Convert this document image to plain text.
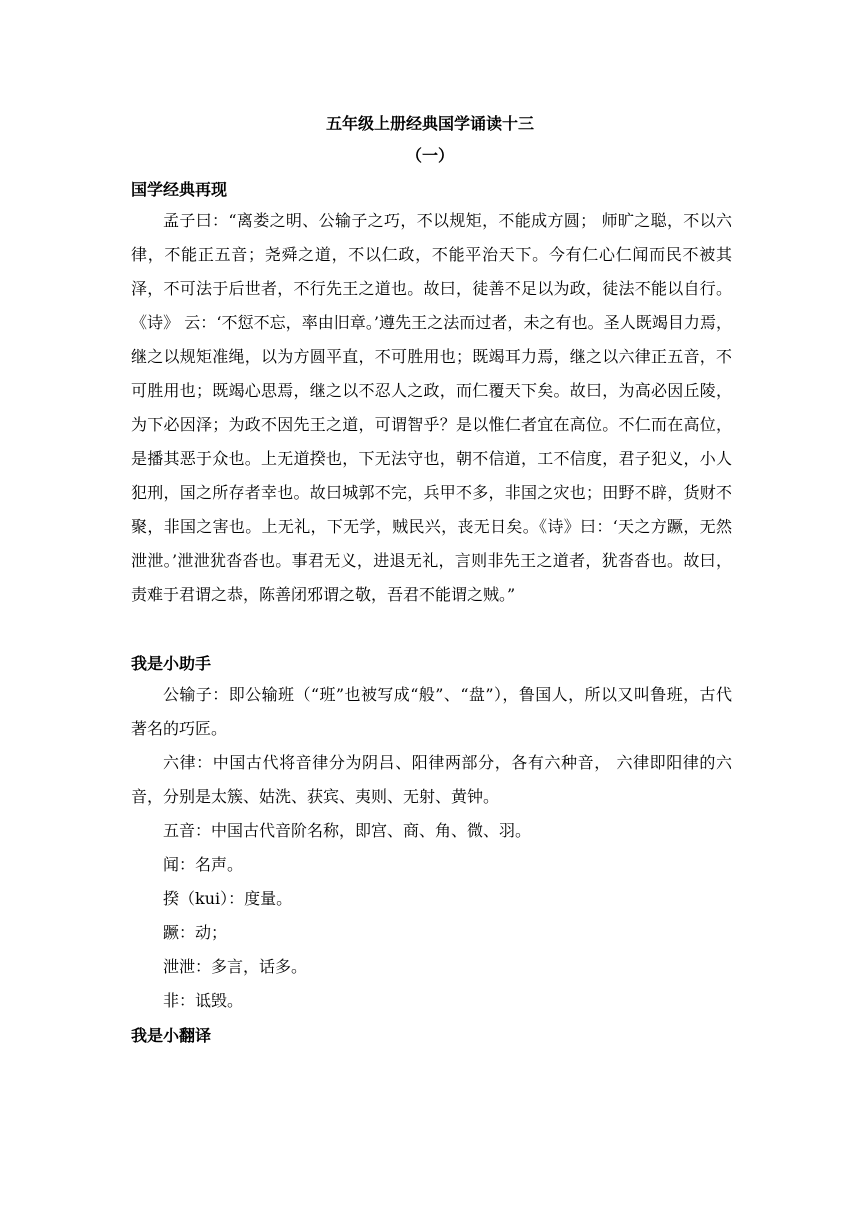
五年级上册经典国学诵读十三
（一）
国学经典再现

孟子曰：“离娄之明、公输子之巧，不以规矩，不能成方圆； 师旷之聪，不以六律，不能正五音；尧舜之道，不以仁政，不能平治天下。今有仁心仁闻而民不被其泽，不可法于后世者，不行先王之道也。故曰，徒善不足以为政，徒法不能以自行。《诗》 云：‘不愆不忘，率由旧章。’遵先王之法而过者，未之有也。圣人既竭目力焉，继之以规矩准绳，以为方圆平直，不可胜用也；既竭耳力焉，继之以六律正五音，不可胜用也；既竭心思焉，继之以不忍人之政，而仁覆天下矣。故曰，为高必因丘陵，为下必因泽；为政不因先王之道，可谓智乎？是以惟仁者宜在高位。不仁而在高位，是播其恶于众也。上无道揆也，下无法守也，朝不信道，工不信度，君子犯义，小人犯刑，国之所存者幸也。故曰城郭不完，兵甲不多，非国之灾也；田野不辟，货财不聚，非国之害也。上无礼，下无学，贼民兴，丧无日矣。《诗》曰：‘天之方蹶，无然泄泄。’泄泄犹沓沓也。事君无义，进退无礼，言则非先王之道者，犹沓沓也。故曰，责难于君谓之恭，陈善闭邪谓之敬，吾君不能谓之贼。”

我是小助手

公输子：即公输班（“班”也被写成“般”、“盘”），鲁国人，所以又叫鲁班，古代著名的巧匠。

六律：中国古代将音律分为阴吕、阳律两部分，各有六种音， 六律即阳律的六音，分别是太簇、姑洗、获宾、夷则、无射、黄钟。

五音：中国古代音阶名称，即宫、商、角、微、羽。

闻：名声。

揆（kui）：度量。

蹶：动；

泄泄：多言，话多。

非：诋毁。

我是小翻译
